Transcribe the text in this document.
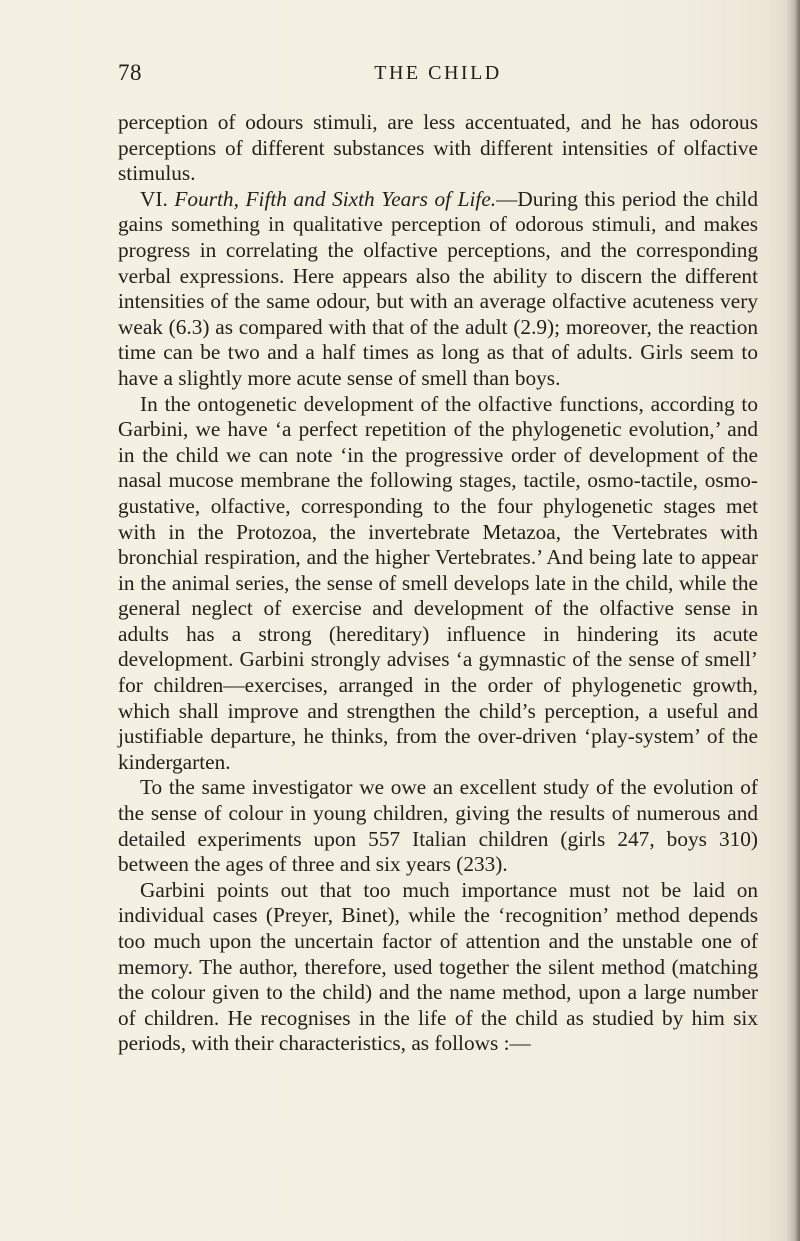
78	THE CHILD

perception of odours stimuli, are less accentuated, and he has odorous perceptions of different substances with different intensities of olfactive stimulus.

VI. Fourth, Fifth and Sixth Years of Life.—During this period the child gains something in qualitative perception of odorous stimuli, and makes progress in correlating the olfactive perceptions, and the corresponding verbal expressions. Here appears also the ability to discern the different intensities of the same odour, but with an average olfactive acuteness very weak (6.3) as compared with that of the adult (2.9); moreover, the reaction time can be two and a half times as long as that of adults. Girls seem to have a slightly more acute sense of smell than boys.

In the ontogenetic development of the olfactive functions, according to Garbini, we have ‘a perfect repetition of the phylogenetic evolution,’ and in the child we can note ‘in the progressive order of development of the nasal mucose membrane the following stages, tactile, osmo-tactile, osmo-gustative, olfactive, corresponding to the four phylogenetic stages met with in the Protozoa, the invertebrate Metazoa, the Vertebrates with bronchial respiration, and the higher Vertebrates.’ And being late to appear in the animal series, the sense of smell develops late in the child, while the general neglect of exercise and development of the olfactive sense in adults has a strong (hereditary) influence in hindering its acute development. Garbini strongly advises ‘a gymnastic of the sense of smell’ for children—exercises, arranged in the order of phylogenetic growth, which shall improve and strengthen the child’s perception, a useful and justifiable departure, he thinks, from the over-driven ‘play-system’ of the kindergarten.

To the same investigator we owe an excellent study of the evolution of the sense of colour in young children, giving the results of numerous and detailed experiments upon 557 Italian children (girls 247, boys 310) between the ages of three and six years (233).

Garbini points out that too much importance must not be laid on individual cases (Preyer, Binet), while the ‘recognition’ method depends too much upon the uncertain factor of attention and the unstable one of memory. The author, therefore, used together the silent method (matching the colour given to the child) and the name method, upon a large number of children. He recognises in the life of the child as studied by him six periods, with their characteristics, as follows :—
